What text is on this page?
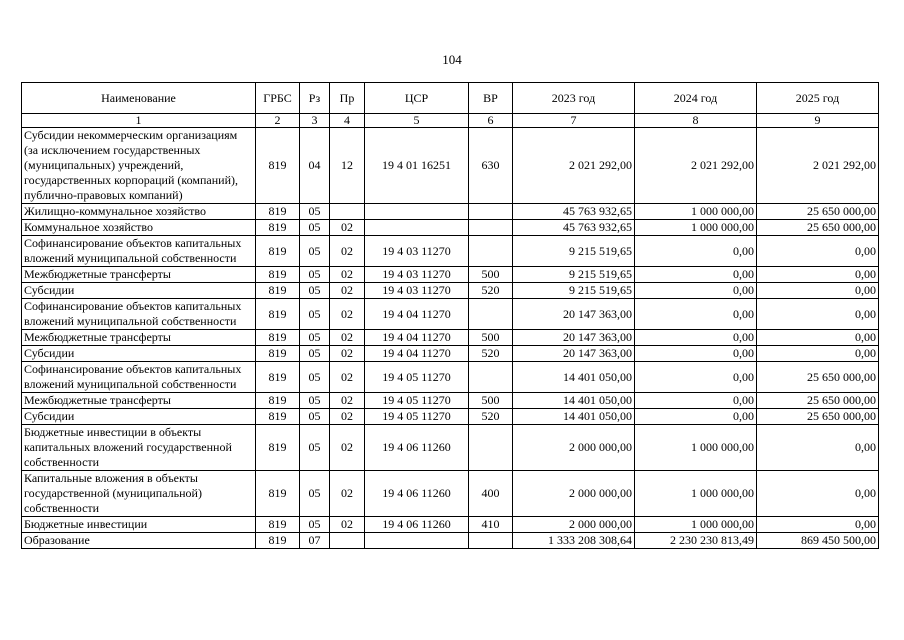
104
Наименование	ГРБС	Рз	Пр	ЦСР	ВР	2023 год	2024 год	2025 год
1	2	3	4	5	6	7	8	9
Субсидии некоммерческим организациям (за исключением государственных (муниципальных) учреждений, государственных корпораций (компаний), публично-правовых компаний)	819	04	12	19 4 01 16251	630	2 021 292,00	2 021 292,00	2 021 292,00
Жилищно-коммунальное хозяйство	819	05				45 763 932,65	1 000 000,00	25 650 000,00
Коммунальное хозяйство	819	05	02			45 763 932,65	1 000 000,00	25 650 000,00
Софинансирование объектов капитальных вложений муниципальной собственности	819	05	02	19 4 03 11270		9 215 519,65	0,00	0,00
Межбюджетные трансферты	819	05	02	19 4 03 11270	500	9 215 519,65	0,00	0,00
Субсидии	819	05	02	19 4 03 11270	520	9 215 519,65	0,00	0,00
Софинансирование объектов капитальных вложений муниципальной собственности	819	05	02	19 4 04 11270		20 147 363,00	0,00	0,00
Межбюджетные трансферты	819	05	02	19 4 04 11270	500	20 147 363,00	0,00	0,00
Субсидии	819	05	02	19 4 04 11270	520	20 147 363,00	0,00	0,00
Софинансирование объектов капитальных вложений муниципальной собственности	819	05	02	19 4 05 11270		14 401 050,00	0,00	25 650 000,00
Межбюджетные трансферты	819	05	02	19 4 05 11270	500	14 401 050,00	0,00	25 650 000,00
Субсидии	819	05	02	19 4 05 11270	520	14 401 050,00	0,00	25 650 000,00
Бюджетные инвестиции в объекты капитальных вложений государственной собственности	819	05	02	19 4 06 11260		2 000 000,00	1 000 000,00	0,00
Капитальные вложения в объекты государственной (муниципальной) собственности	819	05	02	19 4 06 11260	400	2 000 000,00	1 000 000,00	0,00
Бюджетные инвестиции	819	05	02	19 4 06 11260	410	2 000 000,00	1 000 000,00	0,00
Образование	819	07				1 333 208 308,64	2 230 230 813,49	869 450 500,00
